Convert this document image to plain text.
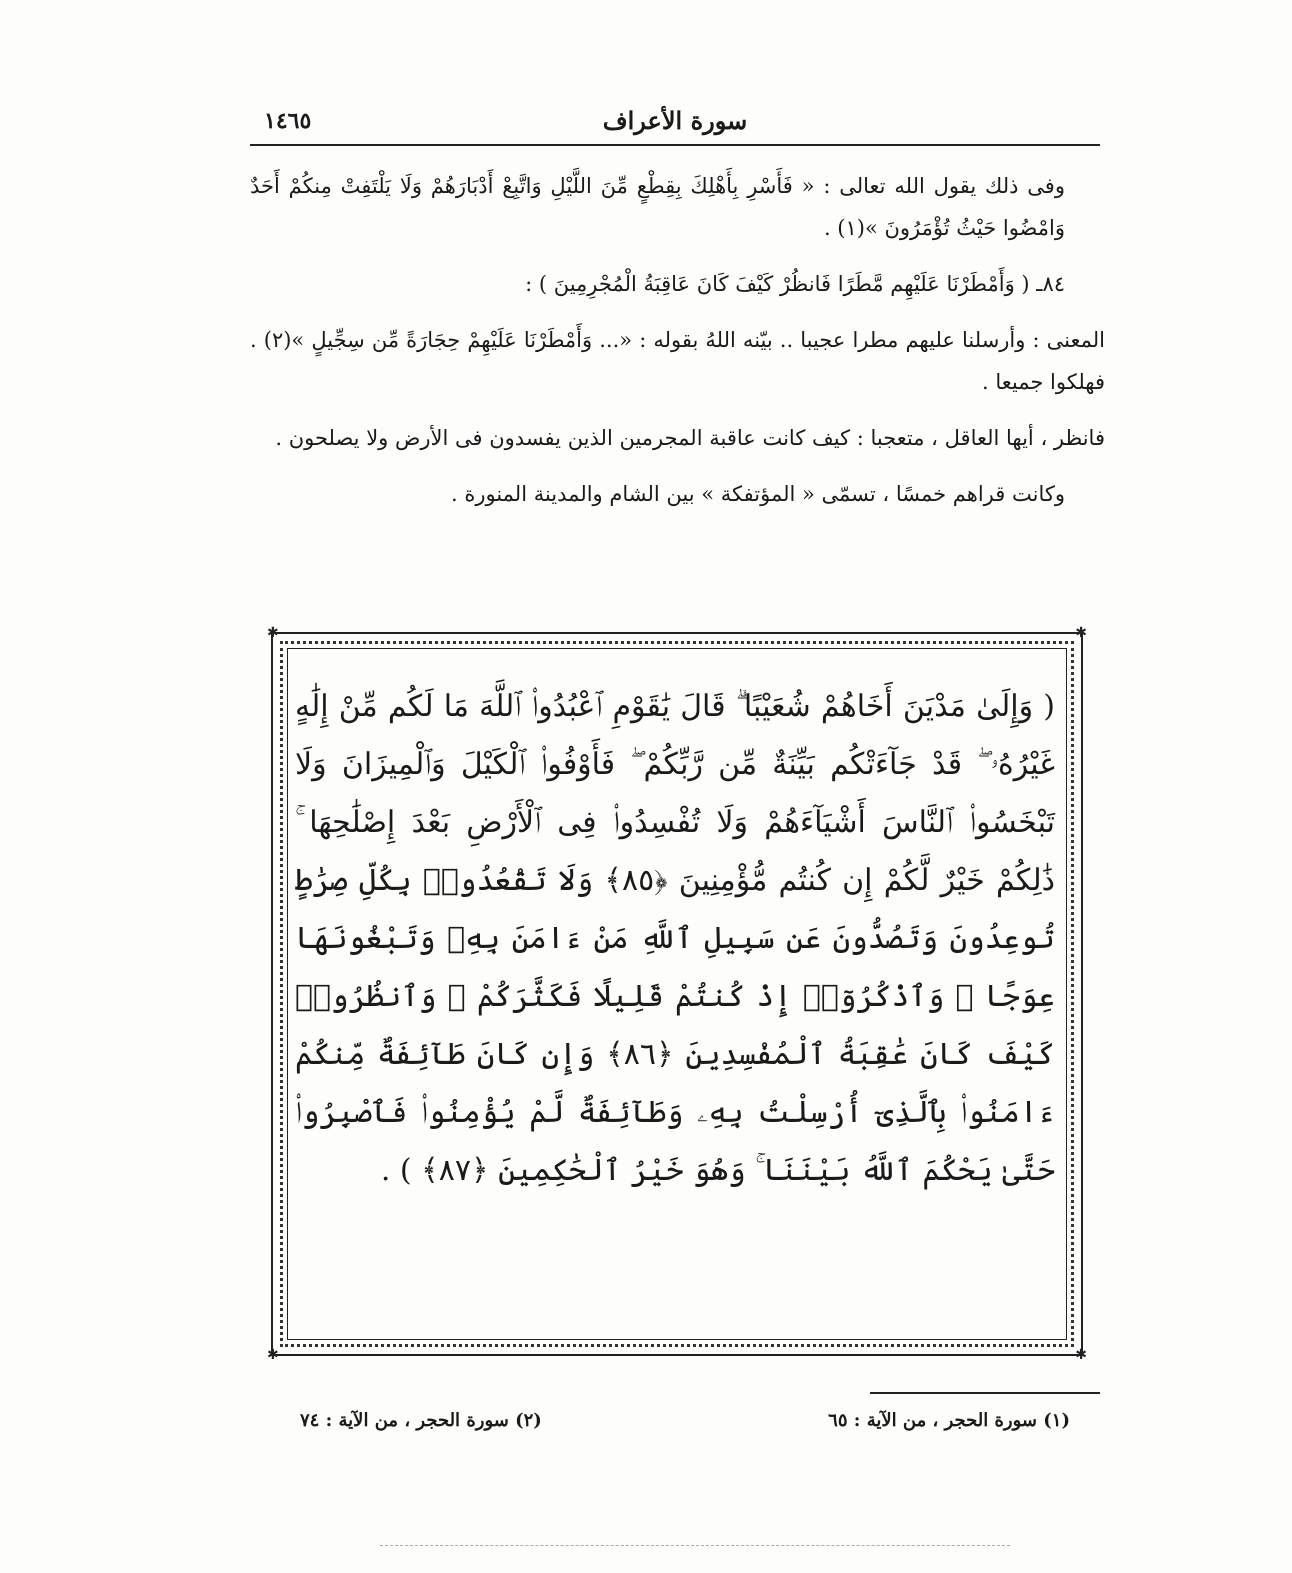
سورة الأعراف
١٤٦٥

وفى ذلك يقول الله تعالى : « فَأَسْرِ بِأَهْلِكَ بِقِطْعٍ مِّنَ اللَّيْلِ وَاتَّبِعْ أَدْبَارَهُمْ وَلَا يَلْتَفِتْ مِنكُمْ أَحَدٌ وَامْضُوا حَيْثُ تُؤْمَرُونَ »(١) .

٨٤ـ ( وَأَمْطَرْنَا عَلَيْهِم مَّطَرًا فَانظُرْ كَيْفَ كَانَ عَاقِبَةُ الْمُجْرِمِينَ ) :

المعنى : وأرسلنا عليهم مطرا عجيبا .. بيّنه اللهُ بقوله : «... وَأَمْطَرْنَا عَلَيْهِمْ حِجَارَةً مِّن سِجِّيلٍ »(٢) . فهلكوا جميعا .

فانظر ، أيها العاقل ، متعجبا : كيف كانت عاقبة المجرمين الذين يفسدون فى الأرض ولا يصلحون .

وكانت قراهم خمسًا ، تسمّى « المؤتفكة » بين الشام والمدينة المنورة .

✱	✱
✱	✱
( وَإِلَىٰ مَدْيَنَ أَخَاهُمْ شُعَيْبًا ۗ قَالَ يَٰقَوْمِ ٱعْبُدُوا۟ ٱللَّهَ مَا لَكُم مِّنْ إِلَٰهٍ غَيْرُهُۥ ۖ قَدْ جَآءَتْكُم بَيِّنَةٌ مِّن رَّبِّكُمْ ۖ فَأَوْفُوا۟ ٱلْكَيْلَ وَٱلْمِيزَانَ وَلَا تَبْخَسُوا۟ ٱلنَّاسَ أَشْيَآءَهُمْ وَلَا تُفْسِدُوا۟ فِى ٱلْأَرْضِ بَعْدَ إِصْلَٰحِهَا ۚ ذَٰلِكُمْ خَيْرٌ لَّكُمْ إِن كُنتُم مُّؤْمِنِينَ ﴿٨٥﴾ وَلَا تَقْعُدُوا۟ بِكُلِّ صِرَٰطٍ تُوعِدُونَ وَتَصُدُّونَ عَن سَبِيلِ ٱللَّهِ مَنْ ءَامَنَ بِهِۦ وَتَبْغُونَهَا عِوَجًا ۚ وَٱذْكُرُوٓا۟ إِذْ كُنتُمْ قَلِيلًا فَكَثَّرَكُمْ ۖ وَٱنظُرُوا۟ كَيْفَ كَانَ عَٰقِبَةُ ٱلْمُفْسِدِينَ ﴿٨٦﴾ وَإِن كَانَ طَآئِفَةٌ مِّنكُمْ ءَامَنُوا۟ بِٱلَّذِىٓ أُرْسِلْتُ بِهِۦ وَطَآئِفَةٌ لَّمْ يُؤْمِنُوا۟ فَٱصْبِرُوا۟ حَتَّىٰ يَحْكُمَ ٱللَّهُ بَيْنَنَا ۚ وَهُوَ خَيْرُ ٱلْحَٰكِمِينَ ﴿٨٧﴾ ) .
(١) سورة الحجر ، من الآية : ٦٥
(٢) سورة الحجر ، من الآية : ٧٤
